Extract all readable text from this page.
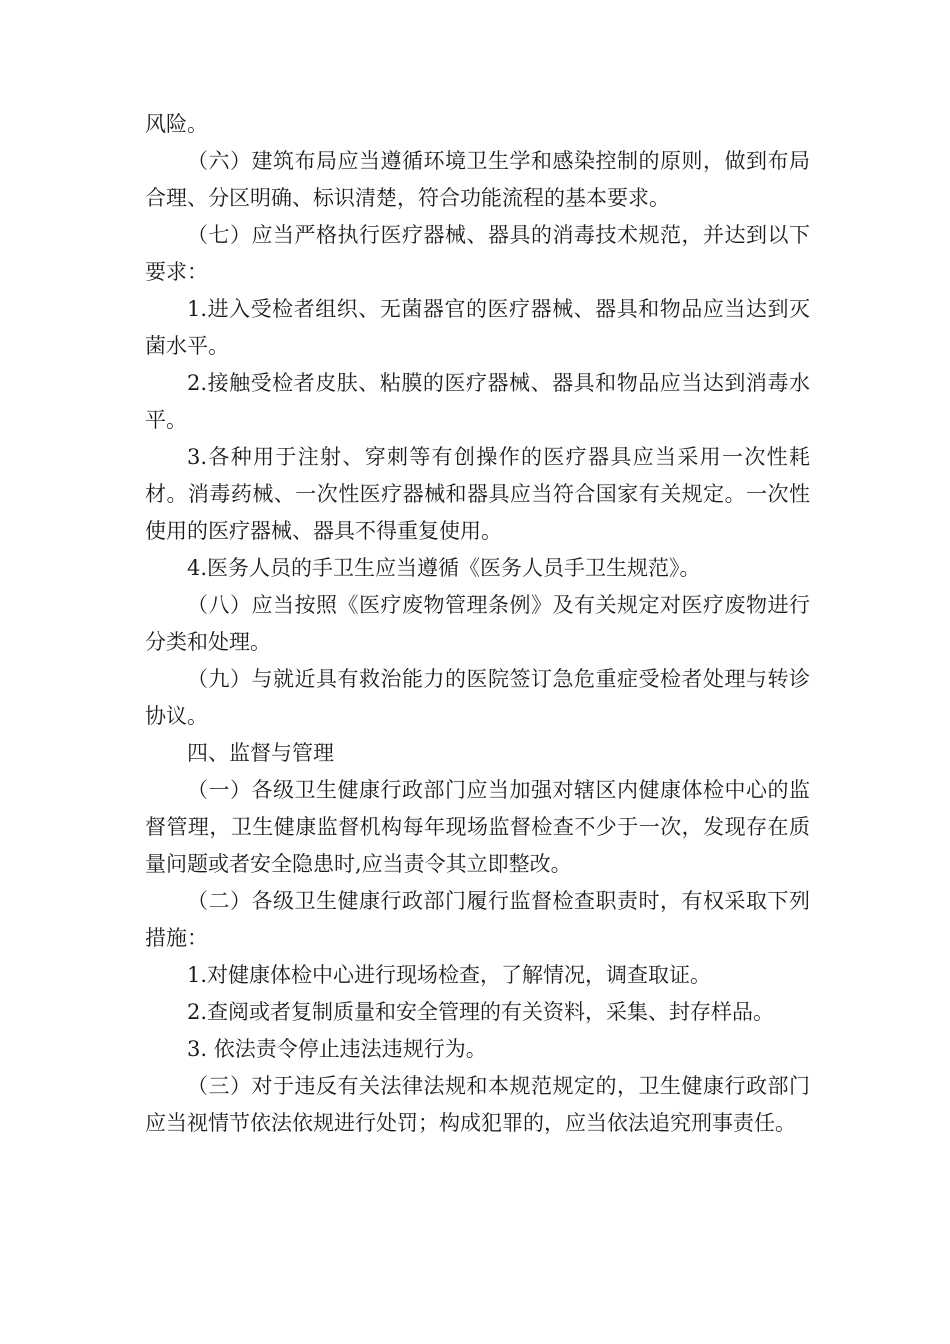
风险。

（六）建筑布局应当遵循环境卫生学和感染控制的原则，做到布局合理、分区明确、标识清楚，符合功能流程的基本要求。

（七）应当严格执行医疗器械、器具的消毒技术规范，并达到以下要求：

1.进入受检者组织、无菌器官的医疗器械、器具和物品应当达到灭菌水平。

2.接触受检者皮肤、粘膜的医疗器械、器具和物品应当达到消毒水平。

3.各种用于注射、穿刺等有创操作的医疗器具应当采用一次性耗材。消毒药械、一次性医疗器械和器具应当符合国家有关规定。一次性使用的医疗器械、器具不得重复使用。

4.医务人员的手卫生应当遵循《医务人员手卫生规范》。

（八）应当按照《医疗废物管理条例》及有关规定对医疗废物进行分类和处理。

（九）与就近具有救治能力的医院签订急危重症受检者处理与转诊协议。

四、监督与管理

（一）各级卫生健康行政部门应当加强对辖区内健康体检中心的监督管理，卫生健康监督机构每年现场监督检查不少于一次，发现存在质量问题或者安全隐患时,应当责令其立即整改。

（二）各级卫生健康行政部门履行监督检查职责时，有权采取下列措施：

1.对健康体检中心进行现场检查，了解情况，调查取证。

2.查阅或者复制质量和安全管理的有关资料，采集、封存样品。

3. 依法责令停止违法违规行为。

（三）对于违反有关法律法规和本规范规定的，卫生健康行政部门应当视情节依法依规进行处罚；构成犯罪的，应当依法追究刑事责任。
